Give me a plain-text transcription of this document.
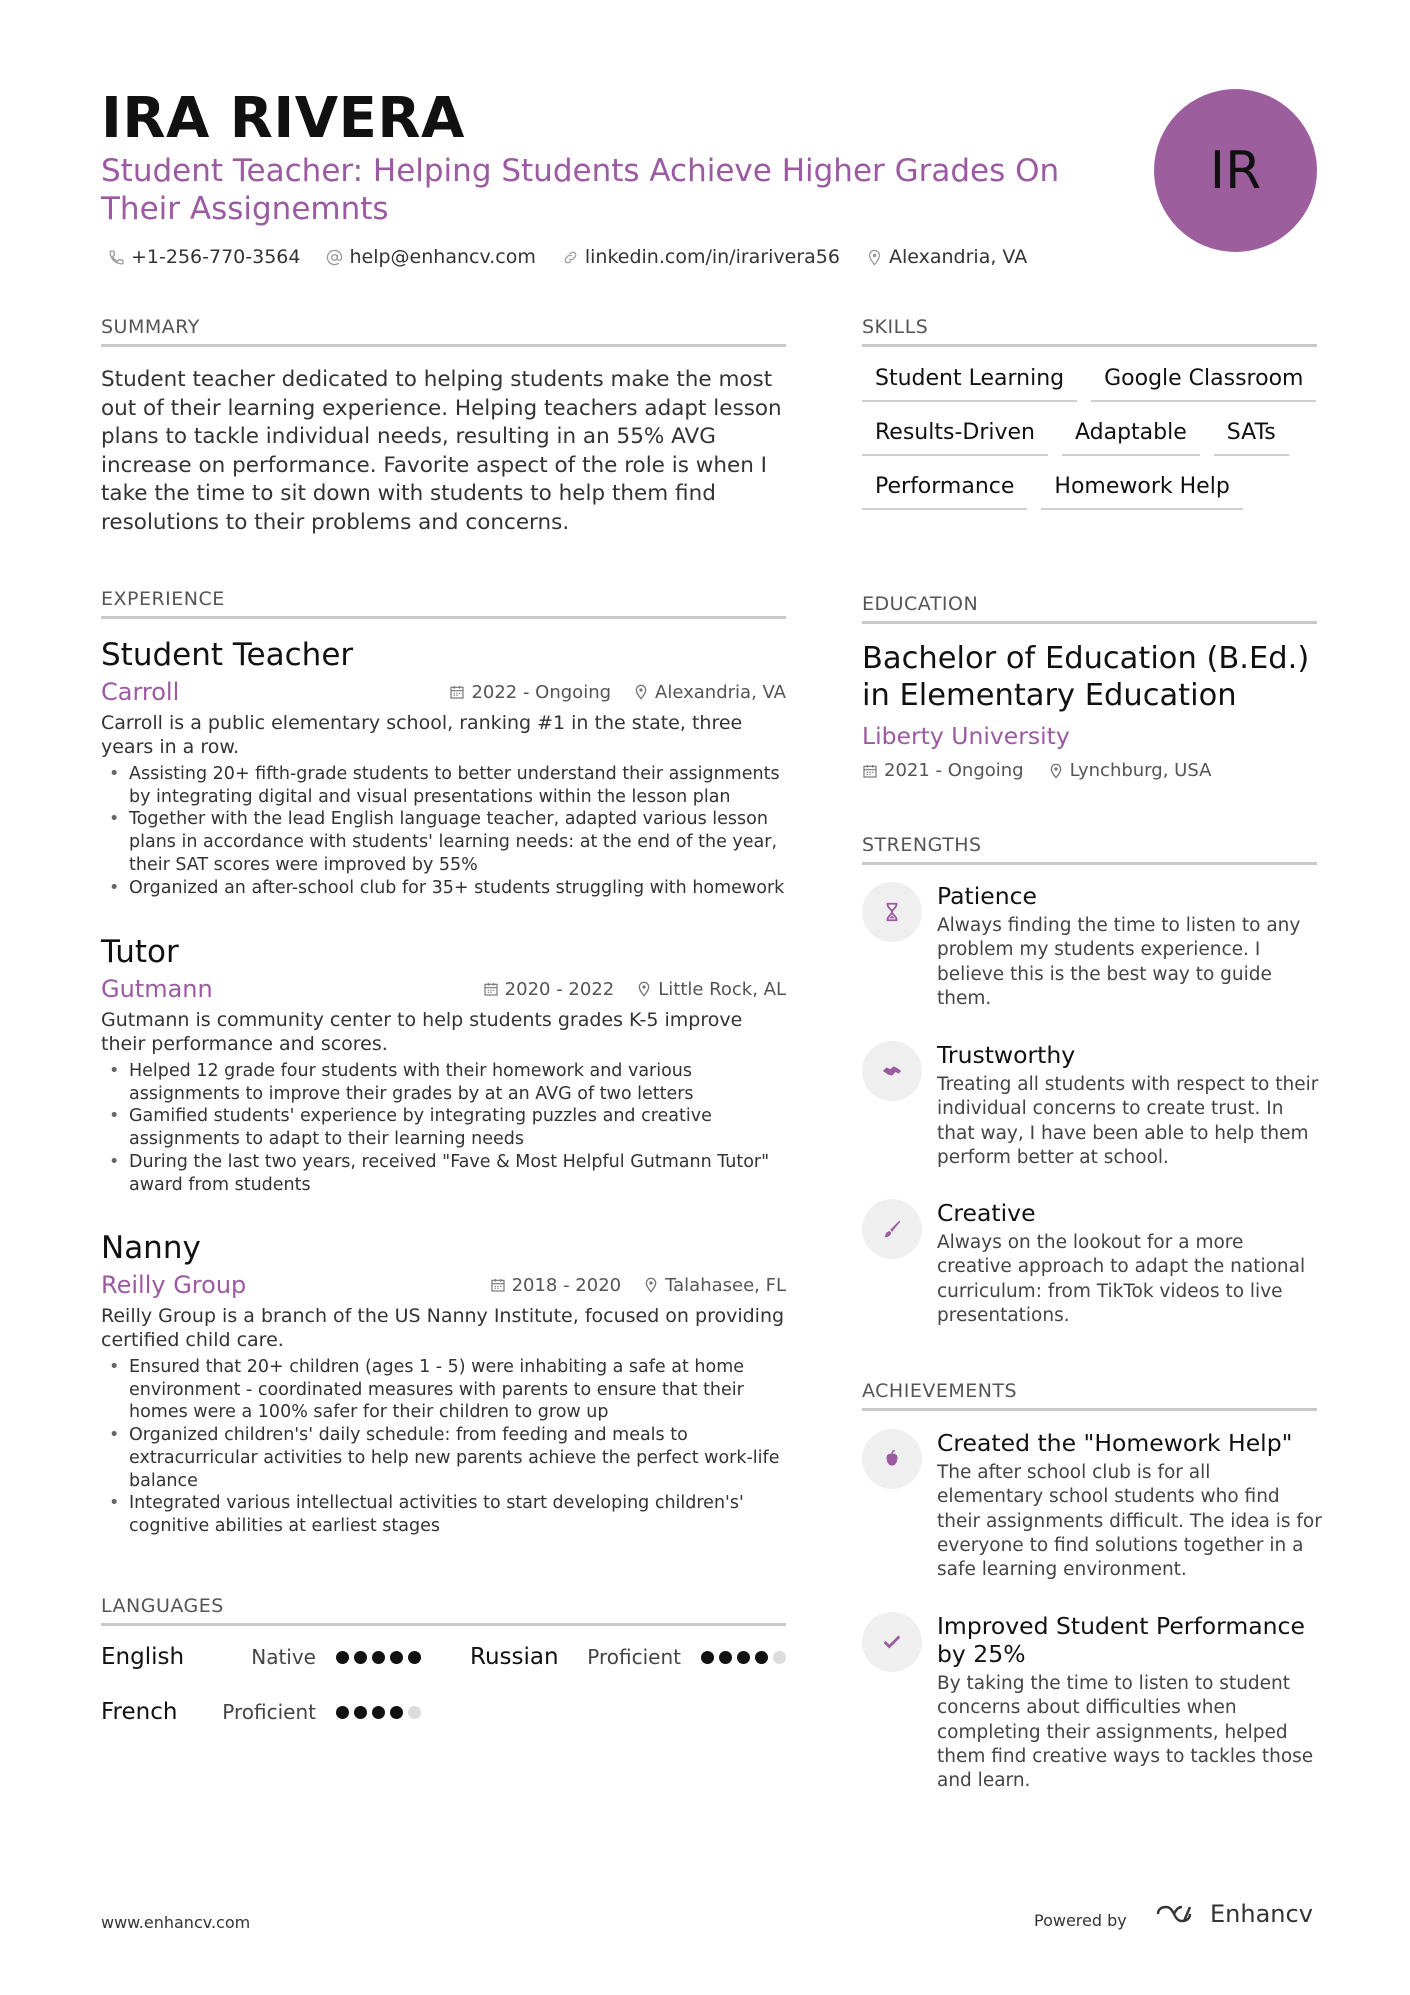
IRA RIVERA
Student Teacher: Helping Students Achieve Higher Grades On Their Assignemnts
+1-256-770-3564	help@enhancv.com	linkedin.com/in/irarivera56	Alexandria, VA
IR
SUMMARY
Student teacher dedicated to helping students make the most out of their learning experience. Helping teachers adapt lesson plans to tackle individual needs, resulting in an 55% AVG increase on performance. Favorite aspect of the role is when I take the time to sit down with students to help them find resolutions to their problems and concerns.
EXPERIENCE
Student Teacher
Carroll	2022 - Ongoing Alexandria, VA
Carroll is a public elementary school, ranking #1 in the state, three years in a row.
• Assisting 20+ fifth-grade students to better understand their assignments by integrating digital and visual presentations within the lesson plan
• Together with the lead English language teacher, adapted various lesson plans in accordance with students' learning needs: at the end of the year, their SAT scores were improved by 55%
• Organized an after-school club for 35+ students struggling with homework
Tutor
Gutmann	2020 - 2022 Little Rock, AL
Gutmann is community center to help students grades K-5 improve their performance and scores.
• Helped 12 grade four students with their homework and various assignments to improve their grades by at an AVG of two letters
• Gamified students' experience by integrating puzzles and creative assignments to adapt to their learning needs
• During the last two years, received "Fave & Most Helpful Gutmann Tutor" award from students
Nanny
Reilly Group	2018 - 2020 Talahasee, FL
Reilly Group is a branch of the US Nanny Institute, focused on providing certified child care.
• Ensured that 20+ children (ages 1 - 5) were inhabiting a safe at home environment - coordinated measures with parents to ensure that their homes were a 100% safer for their children to grow up
• Organized children's' daily schedule: from feeding and meals to extracurricular activities to help new parents achieve the perfect work-life balance
• Integrated various intellectual activities to start developing children's' cognitive abilities at earliest stages
LANGUAGES
English	Native	Russian Proficient
French Proficient
SKILLS
Student Learning	Google Classroom
Results-Driven	Adaptable	SATs
Performance	Homework Help
EDUCATION
Bachelor of Education (B.Ed.) in Elementary Education
Liberty University
2021 - Ongoing	Lynchburg, USA
STRENGTHS
Patience
Always finding the time to listen to any problem my students experience. I believe this is the best way to guide them.
Trustworthy
Treating all students with respect to their individual concerns to create trust. In that way, I have been able to help them perform better at school.
Creative
Always on the lookout for a more creative approach to adapt the national curriculum: from TikTok videos to live presentations.
ACHIEVEMENTS
Created the "Homework Help"
The after school club is for all elementary school students who find their assignments difficult. The idea is for everyone to find solutions together in a safe learning environment.
Improved Student Performance by 25%
By taking the time to listen to student concerns about difficulties when completing their assignments, helped them find creative ways to tackles those and learn.
www.enhancv.com	Powered by	Enhancv
